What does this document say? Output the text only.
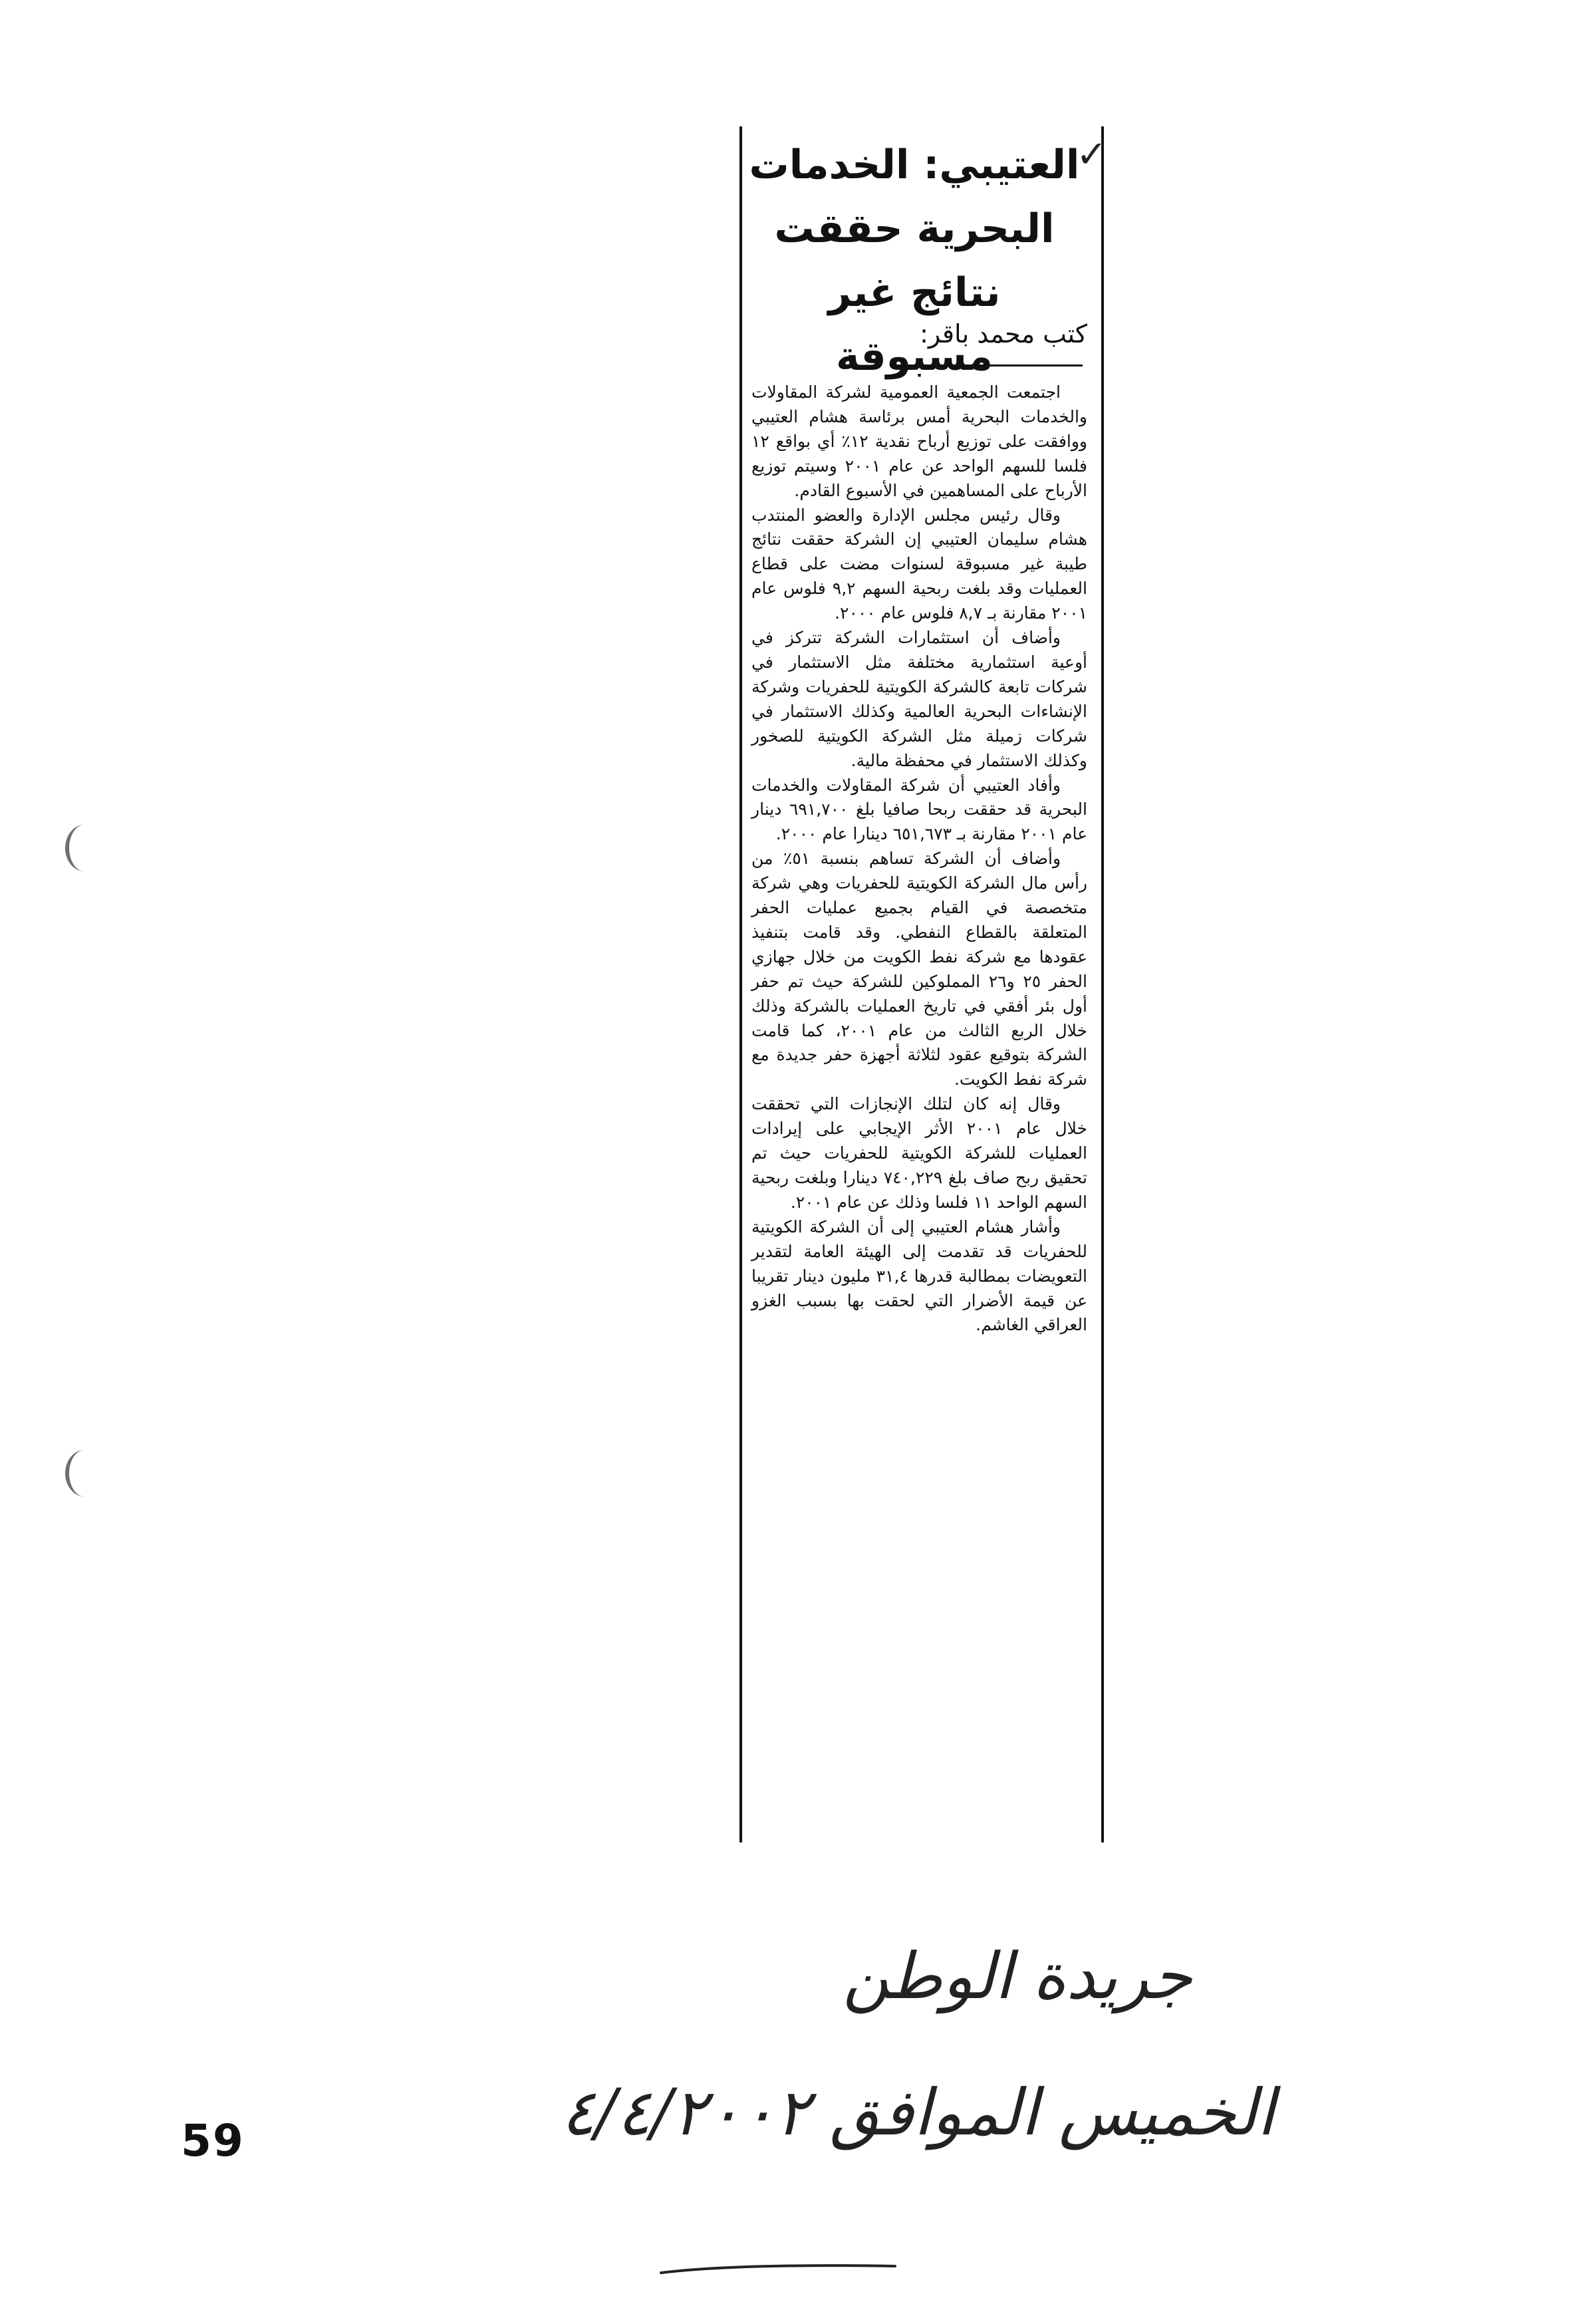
✓
العتيبي: الخدمات البحرية حققت نتائج غير مسبوقة
كتب محمد باقر:

اجتمعت الجمعية العمومية لشركة المقاولات والخدمات البحرية أمس برئاسة هشام العتيبي ووافقت على توزيع أرباح نقدية ١٢٪ أي بواقع ١٢ فلسا للسهم الواحد عن عام ٢٠٠١ وسيتم توزيع الأرباح على المساهمين في الأسبوع القادم.

وقال رئيس مجلس الإدارة والعضو المنتدب هشام سليمان العتيبي إن الشركة حققت نتائج طيبة غير مسبوقة لسنوات مضت على قطاع العمليات وقد بلغت ربحية السهم ٩,٢ فلوس عام ٢٠٠١ مقارنة بـ ٨,٧ فلوس عام ٢٠٠٠.

وأضاف أن استثمارات الشركة تتركز في أوعية استثمارية مختلفة مثل الاستثمار في شركات تابعة كالشركة الكويتية للحفريات وشركة الإنشاءات البحرية العالمية وكذلك الاستثمار في شركات زميلة مثل الشركة الكويتية للصخور وكذلك الاستثمار في محفظة مالية.

وأفاد العتيبي أن شركة المقاولات والخدمات البحرية قد حققت ربحا صافيا بلغ ٦٩١,٧٠٠ دينار عام ٢٠٠١ مقارنة بـ ٦٥١,٦٧٣ دينارا عام ٢٠٠٠.

وأضاف أن الشركة تساهم بنسبة ٥١٪ من رأس مال الشركة الكويتية للحفريات وهي شركة متخصصة في القيام بجميع عمليات الحفر المتعلقة بالقطاع النفطي. وقد قامت بتنفيذ عقودها مع شركة نفط الكويت من خلال جهازي الحفر ٢٥ و٢٦ المملوكين للشركة حيث تم حفر أول بئر أفقي في تاريخ العمليات بالشركة وذلك خلال الربع الثالث من عام ٢٠٠١، كما قامت الشركة بتوقيع عقود لثلاثة أجهزة حفر جديدة مع شركة نفط الكويت.

وقال إنه كان لتلك الإنجازات التي تحققت خلال عام ٢٠٠١ الأثر الإيجابي على إيرادات العمليات للشركة الكويتية للحفريات حيث تم تحقيق ربح صاف بلغ ٧٤٠,٢٢٩ دينارا وبلغت ربحية السهم الواحد ١١ فلسا وذلك عن عام ٢٠٠١.

وأشار هشام العتيبي إلى أن الشركة الكويتية للحفريات قد تقدمت إلى الهيئة العامة لتقدير التعويضات بمطالبة قدرها ٣١,٤ مليون دينار تقريبا عن قيمة الأضرار التي لحقت بها بسبب الغزو العراقي الغاشم.

جريدة الوطن
الخميس الموافق ٤/٤/٢٠٠٢
59
